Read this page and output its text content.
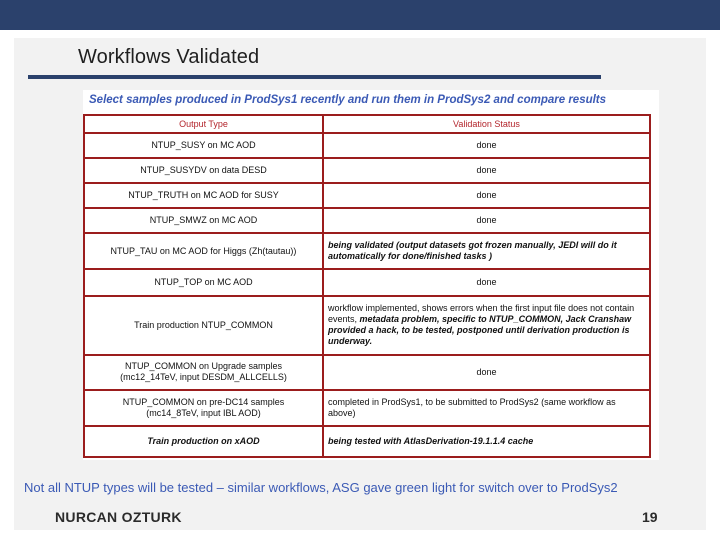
Workflows Validated
Select samples produced in ProdSys1 recently and run them in ProdSys2 and compare results
Output Type	Validation Status
NTUP_SUSY on MC AOD	done
NTUP_SUSYDV on data DESD	done
NTUP_TRUTH on MC AOD for SUSY	done
NTUP_SMWZ on MC AOD	done
NTUP_TAU on MC AOD for Higgs (Zh(tautau))	being validated (output datasets got frozen manually, JEDI will do it automatically for done/finished tasks )
NTUP_TOP on MC AOD	done
Train production NTUP_COMMON	workflow implemented, shows errors when the first input file does not contain events, metadata problem, specific to NTUP_COMMON, Jack Cranshaw provided a hack, to be tested, postponed until derivation production is underway.

NTUP_COMMON on Upgrade samples
(mc12_14TeV, input DESDM_ALLCELLS)	done

NTUP_COMMON on pre-DC14 samples
(mc14_8TeV, input IBL AOD)	completed in ProdSys1, to be submitted to ProdSys2 (same workflow as above)
Train production on xAOD	being tested with AtlasDerivation-19.1.1.4 cache
Not all NTUP types will be tested – similar workflows, ASG gave green light for switch over to ProdSys2
NURCAN OZTURK	19
